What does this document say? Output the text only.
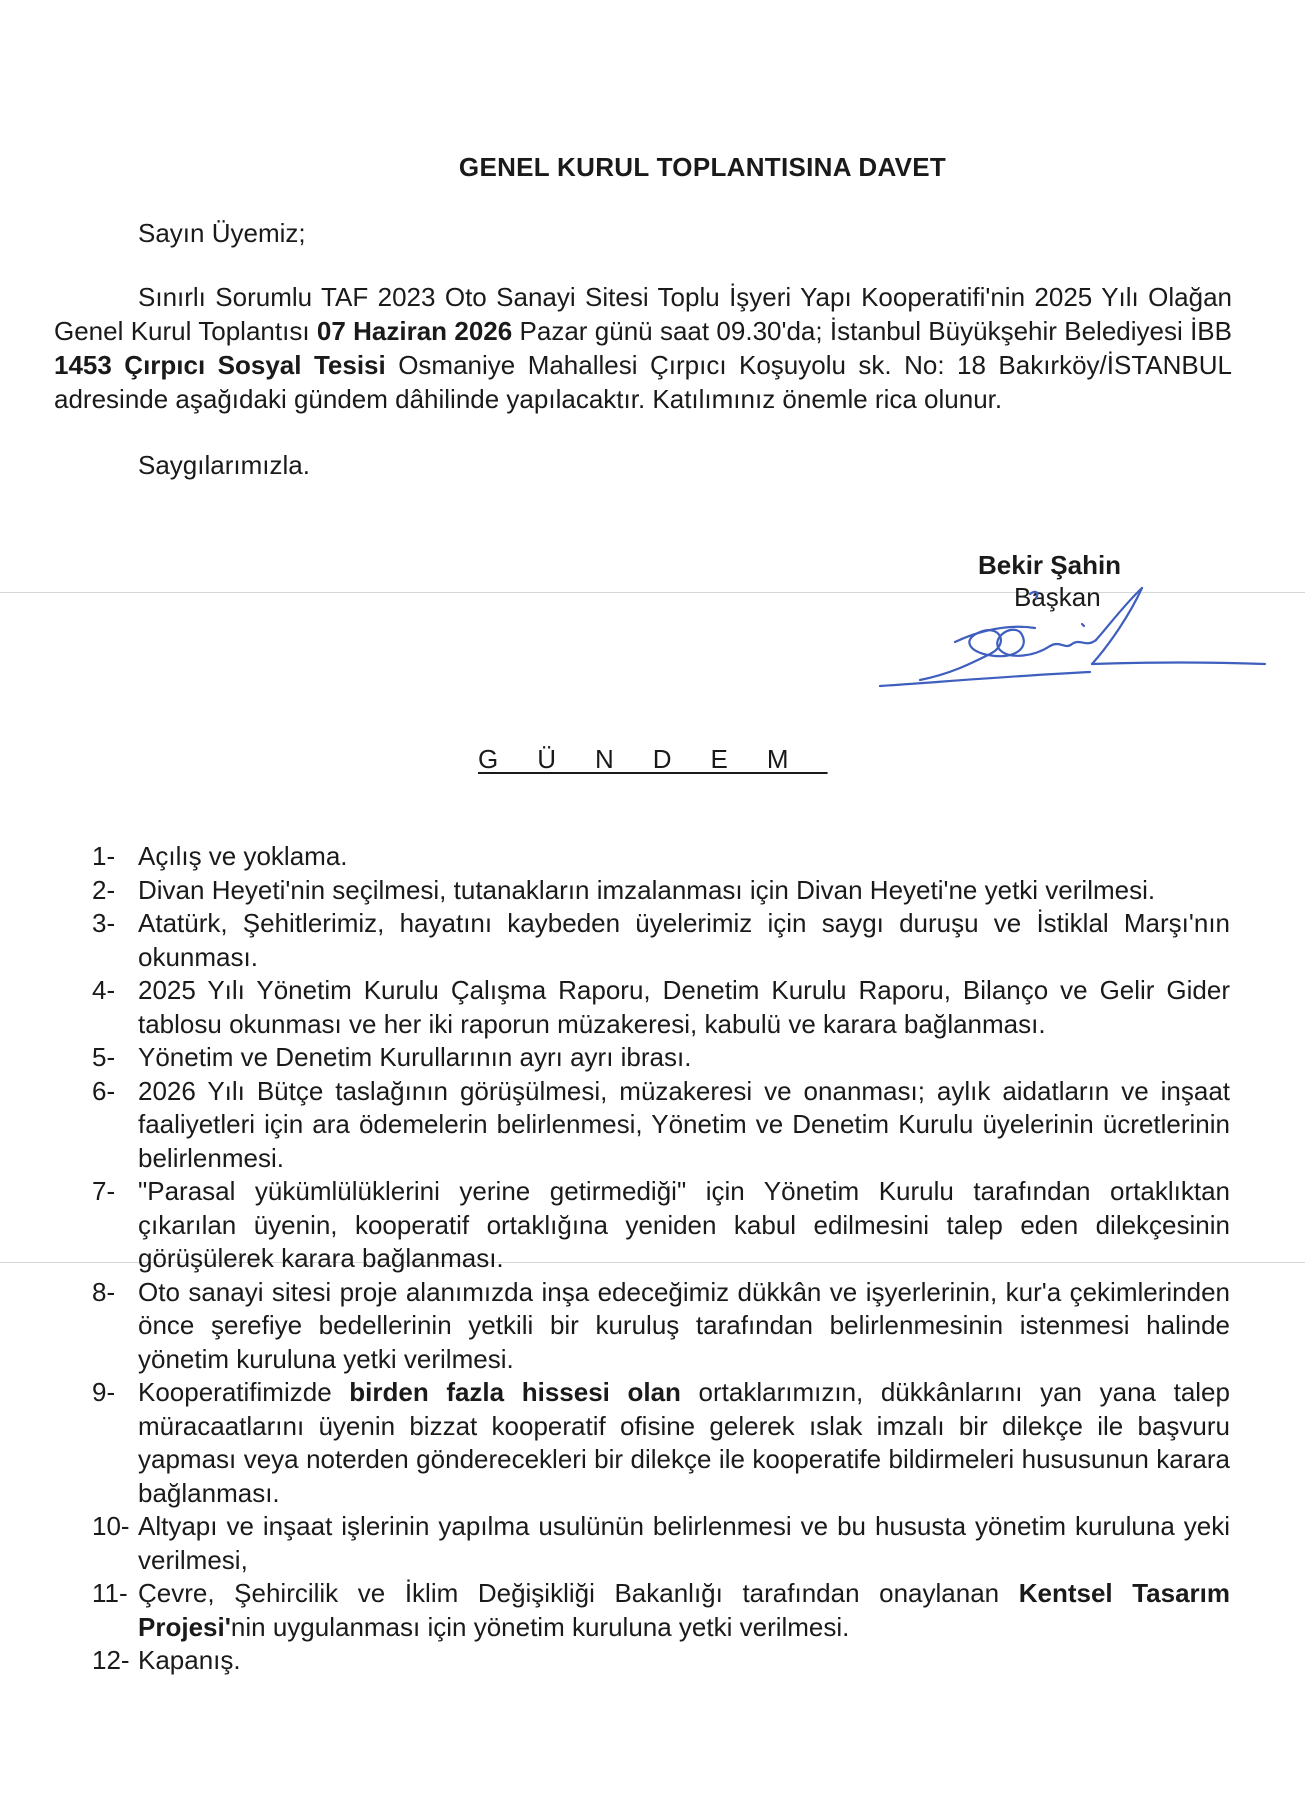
GENEL KURUL TOPLANTISINA DAVET
Sayın Üyemiz;
Sınırlı Sorumlu TAF 2023 Oto Sanayi Sitesi Toplu İşyeri Yapı Kooperatifi'nin 2025 Yılı Olağan Genel Kurul Toplantısı 07 Haziran 2026 Pazar günü saat 09.30'da; İstanbul Büyükşehir Belediyesi İBB 1453 Çırpıcı Sosyal Tesisi Osmaniye Mahallesi Çırpıcı Koşuyolu sk. No: 18 Bakırköy/İSTANBUL adresinde aşağıdaki gündem dâhilinde yapılacaktır. Katılımınız önemle rica olunur.
Saygılarımızla.
Bekir Şahin
Başkan
GÜNDEM
1- Açılış ve yoklama.
2- Divan Heyeti'nin seçilmesi, tutanakların imzalanması için Divan Heyeti'ne yetki verilmesi.
3- Atatürk, Şehitlerimiz, hayatını kaybeden üyelerimiz için saygı duruşu ve İstiklal Marşı'nın okunması.
4- 2025 Yılı Yönetim Kurulu Çalışma Raporu, Denetim Kurulu Raporu, Bilanço ve Gelir Gider tablosu okunması ve her iki raporun müzakeresi, kabulü ve karara bağlanması.
5- Yönetim ve Denetim Kurullarının ayrı ayrı ibrası.
6- 2026 Yılı Bütçe taslağının görüşülmesi, müzakeresi ve onanması; aylık aidatların ve inşaat faaliyetleri için ara ödemelerin belirlenmesi, Yönetim ve Denetim Kurulu üyelerinin ücretlerinin belirlenmesi.
7- "Parasal yükümlülüklerini yerine getirmediği" için Yönetim Kurulu tarafından ortaklıktan çıkarılan üyenin, kooperatif ortaklığına yeniden kabul edilmesini talep eden dilekçesinin görüşülerek karara bağlanması.
8- Oto sanayi sitesi proje alanımızda inşa edeceğimiz dükkân ve işyerlerinin, kur'a çekimlerinden önce şerefiye bedellerinin yetkili bir kuruluş tarafından belirlenmesinin istenmesi halinde yönetim kuruluna yetki verilmesi.
9- Kooperatifimizde birden fazla hissesi olan ortaklarımızın, dükkânlarını yan yana talep müracaatlarını üyenin bizzat kooperatif ofisine gelerek ıslak imzalı bir dilekçe ile başvuru yapması veya noterden gönderecekleri bir dilekçe ile kooperatife bildirmeleri hususunun karara bağlanması.
10- Altyapı ve inşaat işlerinin yapılma usulünün belirlenmesi ve bu hususta yönetim kuruluna yeki verilmesi,
11- Çevre, Şehircilik ve İklim Değişikliği Bakanlığı tarafından onaylanan Kentsel Tasarım Projesi'nin uygulanması için yönetim kuruluna yetki verilmesi.
12- Kapanış.
